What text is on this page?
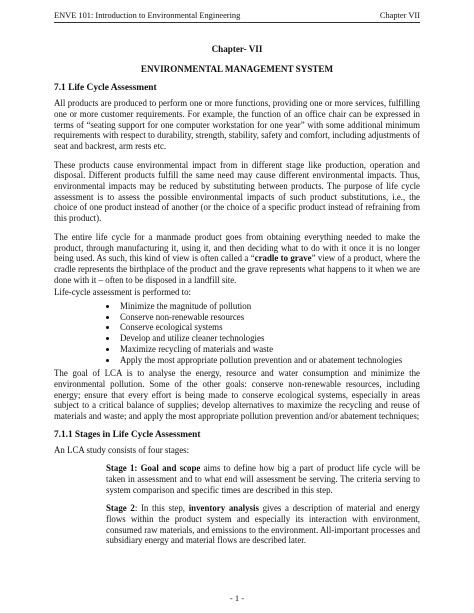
ENVE 101: Introduction to Environmental Engineering	Chapter VII
Chapter- VII
ENVIRONMENTAL MANAGEMENT SYSTEM
7.1 Life Cycle Assessment

All products are produced to perform one or more functions, providing one or more services, fulfilling one or more customer requirements. For example, the function of an office chair can be expressed in terms of “seating support for one computer workstation for one year” with some additional minimum requirements with respect to durability, strength, stability, safety and comfort, including adjustments of seat and backrest, arm rests etc.

These products cause environmental impact from in different stage like production, operation and disposal. Different products fulfill the same need may cause different environmental impacts. Thus, environmental impacts may be reduced by substituting between products. The purpose of life cycle assessment is to assess the possible environmental impacts of such product substitutions, i.e., the choice of one product instead of another (or the choice of a specific product instead of refraining from this product).

The entire life cycle for a manmade product goes from obtaining everything needed to make the product, through manufacturing it, using it, and then deciding what to do with it once it is no longer being used. As such, this kind of view is often called a “cradle to grave” view of a product, where the cradle represents the birthplace of the product and the grave represents what happens to it when we are done with it – often to be disposed in a landfill site.

Life-cycle assessment is performed to:

• Minimize the magnitude of pollution
• Conserve non-renewable resources
• Conserve ecological systems
• Develop and utilize cleaner technologies
• Maximize recycling of materials and waste
• Apply the most appropriate pollution prevention and or abatement technologies

The goal of LCA is to analyse the energy, resource and water consumption and minimize the environmental pollution. Some of the other goals: conserve non-renewable resources, including energy; ensure that every effort is being made to conserve ecological systems, especially in areas subject to a critical balance of supplies; develop alternatives to maximize the recycling and reuse of materials and waste; and apply the most appropriate pollution prevention and/or abatement techniques;

7.1.1 Stages in Life Cycle Assessment

An LCA study consists of four stages:

Stage 1: Goal and scope aims to define how big a part of product life cycle will be taken in assessment and to what end will assessment be serving. The criteria serving to system comparison and specific times are described in this step.

Stage 2: In this step, inventory analysis gives a description of material and energy flows within the product system and especially its interaction with environment, consumed raw materials, and emissions to the environment. All-important processes and subsidiary energy and material flows are described later.

- 1 -
